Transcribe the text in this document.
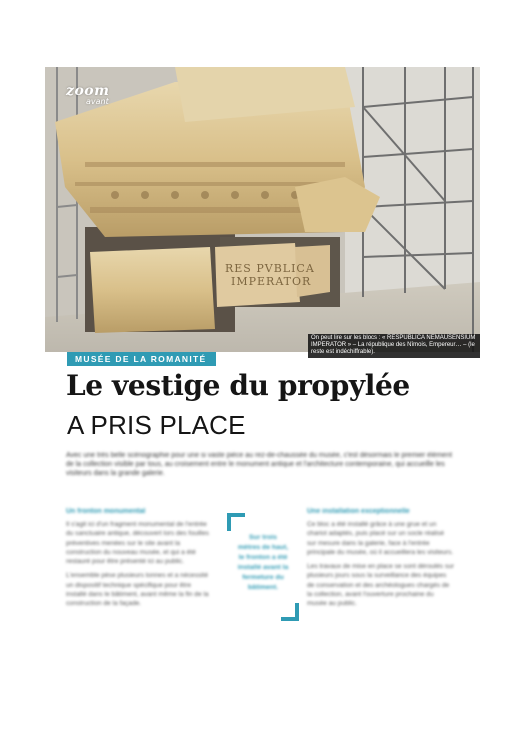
RES PVBLICA
IMPERATOR
zoom
avant
On peut lire sur les blocs : « RESPUBLICA NEMAUSENSIUM IMPERATOR » – La république des Nîmois, Empereur… – (le reste est indéchiffrable).
MUSÉE DE LA ROMANITÉ
Le vestige du propylée
A PRIS PLACE
Avec une très belle scénographie pour une si vaste pièce au rez-de-chaussée du musée, c'est désormais le premier élément de la collection visible par tous, au croisement entre le monument antique et l'architecture contemporaine, qui accueille les visiteurs dans la grande galerie.
Un fronton monumental

Il s'agit ici d'un fragment monumental de l'entrée du sanctuaire antique, découvert lors des fouilles préventives menées sur le site avant la construction du nouveau musée, et qui a été restauré pour être présenté ici au public.

L'ensemble pèse plusieurs tonnes et a nécessité un dispositif technique spécifique pour être installé dans le bâtiment, avant même la fin de la construction de la façade.

Sur trois mètres de haut, le fronton a été installé avant la fermeture du bâtiment.
Une installation exceptionnelle

Ce bloc a été installé grâce à une grue et un chariot adaptés, puis placé sur un socle réalisé sur mesure dans la galerie, face à l'entrée principale du musée, où il accueillera les visiteurs.

Les travaux de mise en place se sont déroulés sur plusieurs jours sous la surveillance des équipes de conservation et des archéologues chargés de la collection, avant l'ouverture prochaine du musée au public.
